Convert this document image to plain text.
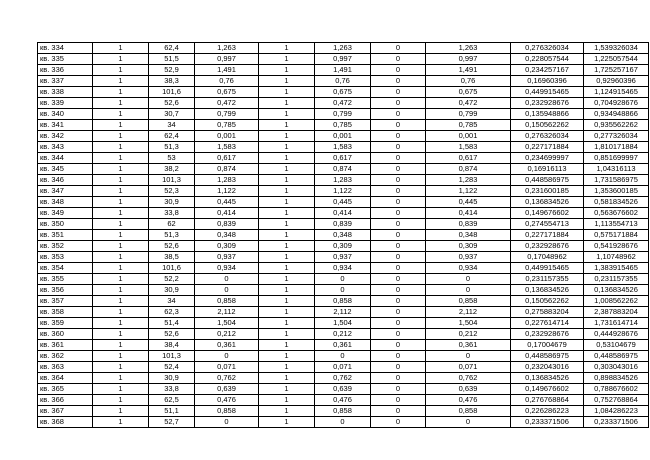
кв. 334	1	62,4	1,263	1	1,263	0	1,263	0,276326034	1,539326034
кв. 335	1	51,5	0,997	1	0,997	0	0,997	0,228057544	1,225057544
кв. 336	1	52,9	1,491	1	1,491	0	1,491	0,234257167	1,725257167
кв. 337	1	38,3	0,76	1	0,76	0	0,76	0,16960396	0,92960396
кв. 338	1	101,6	0,675	1	0,675	0	0,675	0,449915465	1,124915465
кв. 339	1	52,6	0,472	1	0,472	0	0,472	0,232928676	0,704928676
кв. 340	1	30,7	0,799	1	0,799	0	0,799	0,135948866	0,934948866
кв. 341	1	34	0,785	1	0,785	0	0,785	0,150562262	0,935562262
кв. 342	1	62,4	0,001	1	0,001	0	0,001	0,276326034	0,277326034
кв. 343	1	51,3	1,583	1	1,583	0	1,583	0,227171884	1,810171884
кв. 344	1	53	0,617	1	0,617	0	0,617	0,234699997	0,851699997
кв. 345	1	38,2	0,874	1	0,874	0	0,874	0,16916113	1,04316113
кв. 346	1	101,3	1,283	1	1,283	0	1,283	0,448586975	1,731586975
кв. 347	1	52,3	1,122	1	1,122	0	1,122	0,231600185	1,353600185
кв. 348	1	30,9	0,445	1	0,445	0	0,445	0,136834526	0,581834526
кв. 349	1	33,8	0,414	1	0,414	0	0,414	0,149676602	0,563676602
кв. 350	1	62	0,839	1	0,839	0	0,839	0,274554713	1,113554713
кв. 351	1	51,3	0,348	1	0,348	0	0,348	0,227171884	0,575171884
кв. 352	1	52,6	0,309	1	0,309	0	0,309	0,232928676	0,541928676
кв. 353	1	38,5	0,937	1	0,937	0	0,937	0,17048962	1,10748962
кв. 354	1	101,6	0,934	1	0,934	0	0,934	0,449915465	1,383915465
кв. 355	1	52,2	0	1	0	0	0	0,231157355	0,231157355
кв. 356	1	30,9	0	1	0	0	0	0,136834526	0,136834526
кв. 357	1	34	0,858	1	0,858	0	0,858	0,150562262	1,008562262
кв. 358	1	62,3	2,112	1	2,112	0	2,112	0,275883204	2,387883204
кв. 359	1	51,4	1,504	1	1,504	0	1,504	0,227614714	1,731614714
кв. 360	1	52,6	0,212	1	0,212	0	0,212	0,232928676	0,444928676
кв. 361	1	38,4	0,361	1	0,361	0	0,361	0,17004679	0,53104679
кв. 362	1	101,3	0	1	0	0	0	0,448586975	0,448586975
кв. 363	1	52,4	0,071	1	0,071	0	0,071	0,232043016	0,303043016
кв. 364	1	30,9	0,762	1	0,762	0	0,762	0,136834526	0,898834526
кв. 365	1	33,8	0,639	1	0,639	0	0,639	0,149676602	0,788676602
кв. 366	1	62,5	0,476	1	0,476	0	0,476	0,276768864	0,752768864
кв. 367	1	51,1	0,858	1	0,858	0	0,858	0,226286223	1,084286223
кв. 368	1	52,7	0	1	0	0	0	0,233371506	0,233371506
